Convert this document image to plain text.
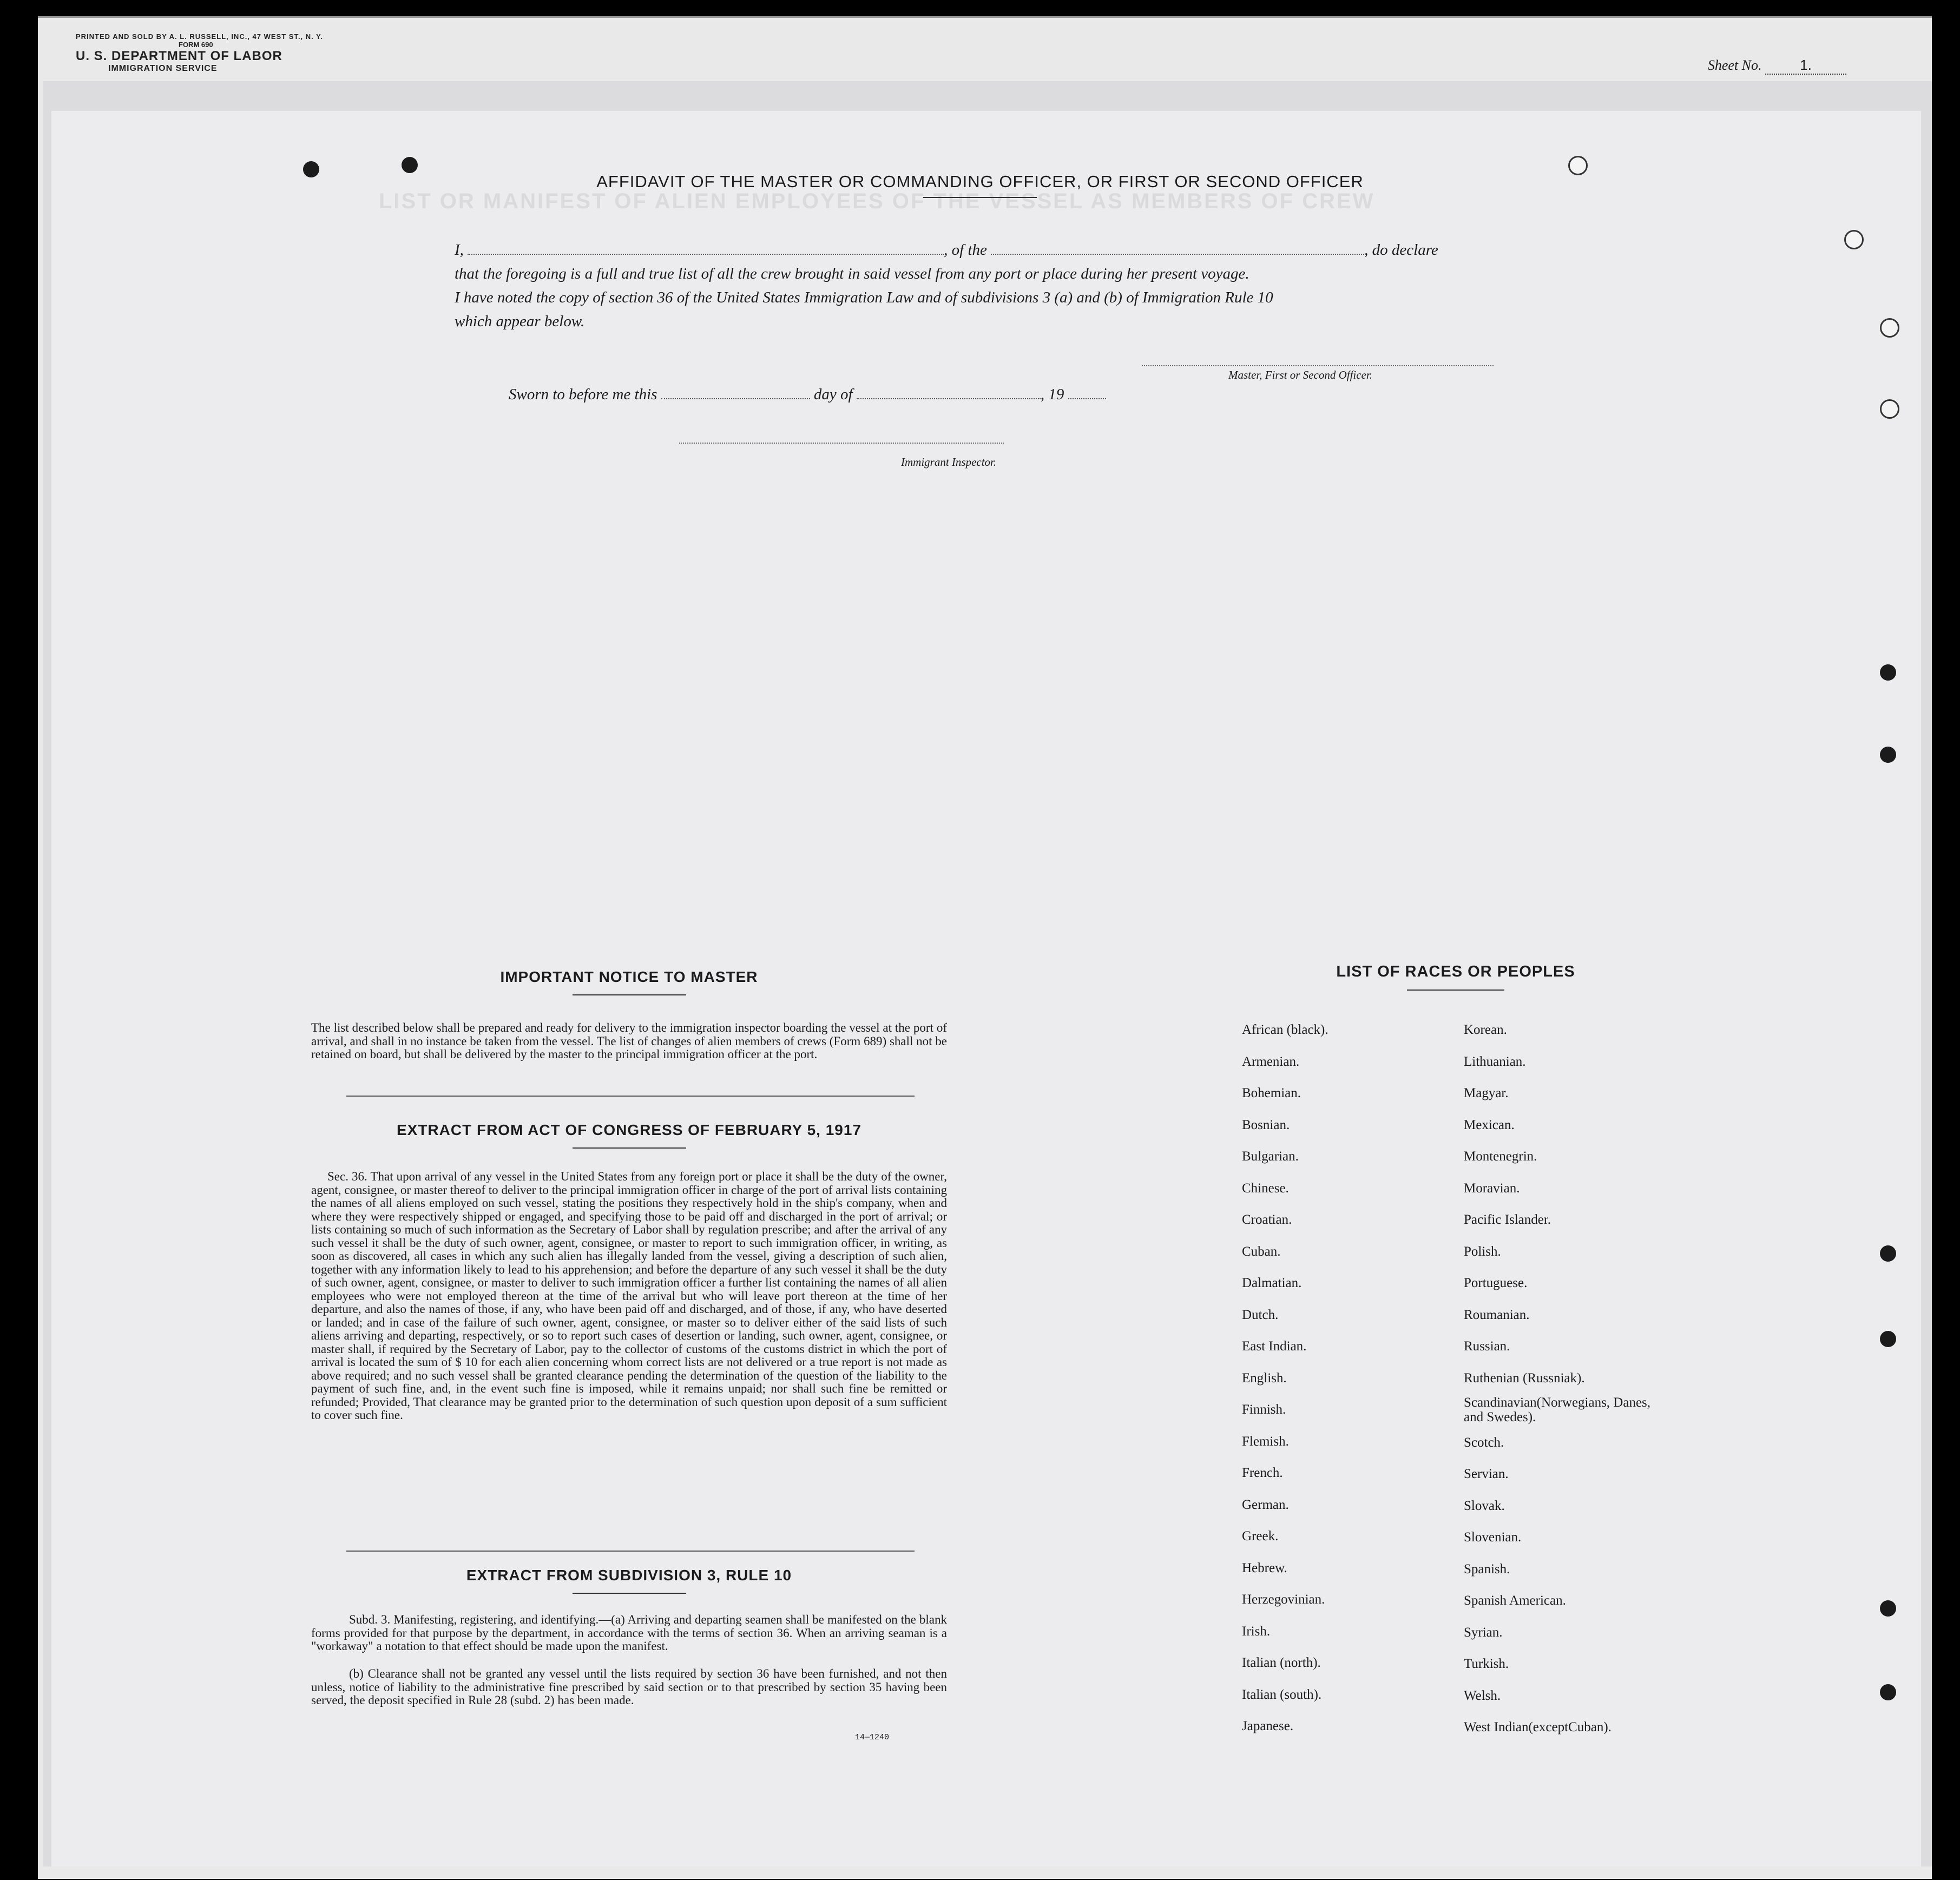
PRINTED AND SOLD BY A. L. RUSSELL, INC., 47 WEST ST., N. Y.
FORM 690
U. S. DEPARTMENT OF LABOR
IMMIGRATION SERVICE	Sheet No.	1.
LIST OR MANIFEST OF ALIEN EMPLOYEES OF THE VESSEL AS MEMBERS OF CREW
AFFIDAVIT OF THE MASTER OR COMMANDING OFFICER, OR FIRST OR SECOND OFFICER
I,	, of the	, do declare
that the foregoing is a full and true list of all the crew brought in said vessel from any port or place during her present voyage.
I have noted the copy of section 36 of the United States Immigration Law and of subdivisions 3 (a) and (b) of Immigration Rule 10
which appear below.
Master, First or Second Officer.
Sworn to before me this	day of	, 19
Immigrant Inspector.
IMPORTANT NOTICE TO MASTER
The list described below shall be prepared and ready for delivery to the immigration inspector boarding the vessel at the port of arrival, and shall in no instance be taken from the vessel. The list of changes of alien members of crews (Form 689) shall not be retained on board, but shall be delivered by the master to the principal immigration officer at the port.
EXTRACT FROM ACT OF CONGRESS OF FEBRUARY 5, 1917
Sec. 36. That upon arrival of any vessel in the United States from any foreign port or place it shall be the duty of the owner, agent, consignee, or master thereof to deliver to the principal immigration officer in charge of the port of arrival lists containing the names of all aliens employed on such vessel, stating the positions they respectively hold in the ship's company, when and where they were respectively shipped or engaged, and specifying those to be paid off and discharged in the port of arrival; or lists containing so much of such information as the Secretary of Labor shall by regulation prescribe; and after the arrival of any such vessel it shall be the duty of such owner, agent, consignee, or master to report to such immigration officer, in writing, as soon as discovered, all cases in which any such alien has illegally landed from the vessel, giving a description of such alien, together with any information likely to lead to his apprehension; and before the departure of any such vessel it shall be the duty of such owner, agent, consignee, or master to deliver to such immigration officer a further list containing the names of all alien employees who were not employed thereon at the time of the arrival but who will leave port thereon at the time of her departure, and also the names of those, if any, who have been paid off and discharged, and of those, if any, who have deserted or landed; and in case of the failure of such owner, agent, consignee, or master so to deliver either of the said lists of such aliens arriving and departing, respectively, or so to report such cases of desertion or landing, such owner, agent, consignee, or master shall, if required by the Secretary of Labor, pay to the collector of customs of the customs district in which the port of arrival is located the sum of $ 10 for each alien concerning whom correct lists are not delivered or a true report is not made as above required; and no such vessel shall be granted clearance pending the determination of the question of the liability to the payment of such fine, and, in the event such fine is imposed, while it remains unpaid; nor shall such fine be remitted or refunded; Provided, That clearance may be granted prior to the determination of such question upon deposit of a sum sufficient to cover such fine.
EXTRACT FROM SUBDIVISION 3, RULE 10
Subd. 3. Manifesting, registering, and identifying.—(a) Arriving and departing seamen shall be manifested on the blank forms provided for that purpose by the department, in accordance with the terms of section 36. When an arriving seaman is a "workaway" a notation to that effect should be made upon the manifest.
(b) Clearance shall not be granted any vessel until the lists required by section 36 have been furnished, and not then unless, notice of liability to the administrative fine prescribed by said section or to that prescribed by section 35 having been served, the deposit specified in Rule 28 (subd. 2) has been made.
14—1240
LIST OF RACES OR PEOPLES
African (black).
Armenian.
Bohemian.
Bosnian.
Bulgarian.
Chinese.
Croatian.
Cuban.
Dalmatian.
Dutch.
East Indian.
English.
Finnish.
Flemish.
French.
German.
Greek.
Hebrew.
Herzegovinian.
Irish.
Italian (north).
Italian (south).
Japanese.
Korean.
Lithuanian.
Magyar.
Mexican.
Montenegrin.
Moravian.
Pacific Islander.
Polish.
Portuguese.
Roumanian.
Russian.
Ruthenian (Russniak).
Scandinavian(Norwegians, Danes, and Swedes).
Scotch.
Servian.
Slovak.
Slovenian.
Spanish.
Spanish American.
Syrian.
Turkish.
Welsh.
West Indian(exceptCuban).
